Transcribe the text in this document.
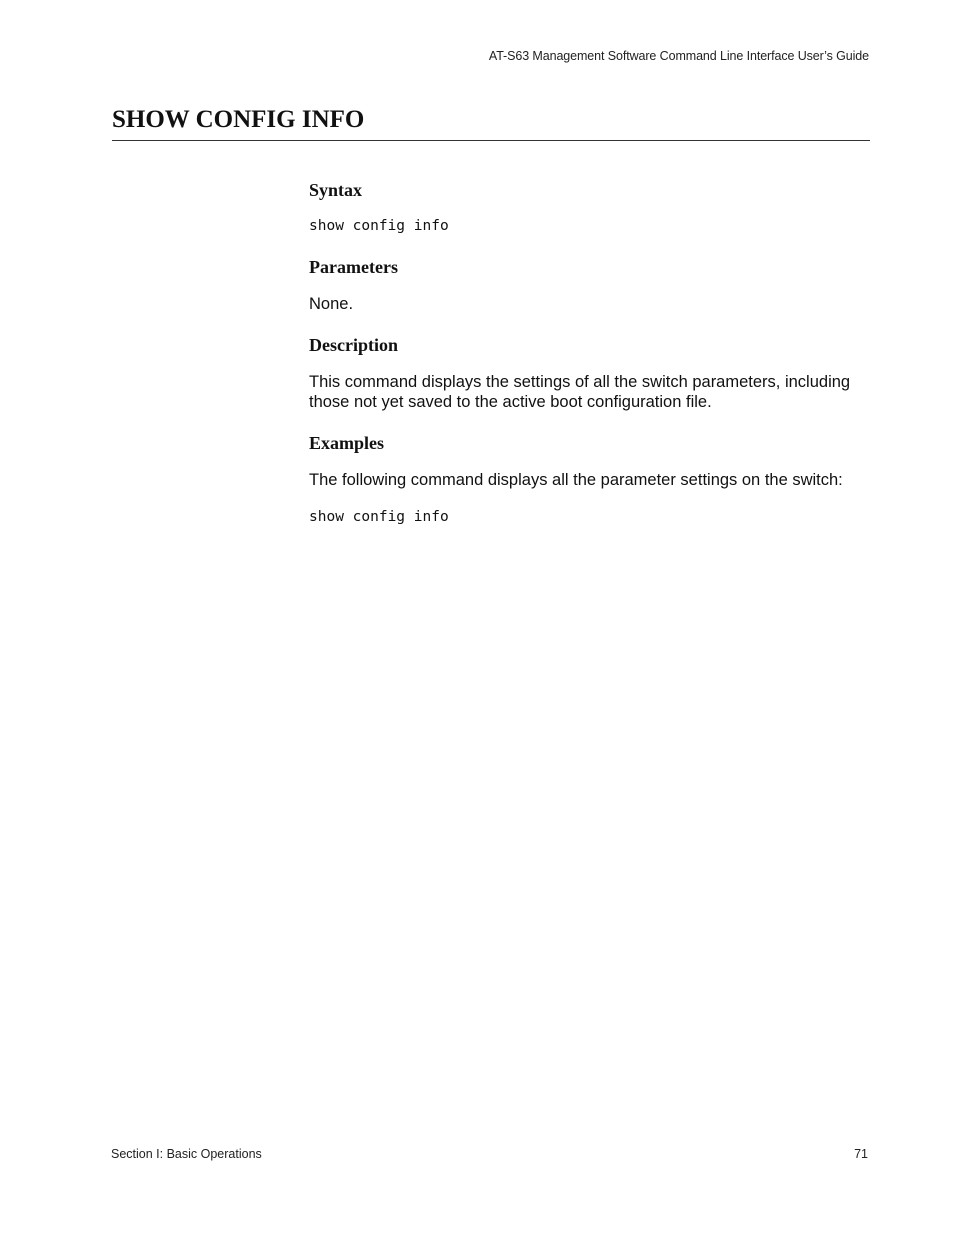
AT-S63 Management Software Command Line Interface User’s Guide
SHOW CONFIG INFO
Syntax

show config info

Parameters

None.

Description

This command displays the settings of all the switch parameters, including
those not yet saved to the active boot configuration file.

Examples

The following command displays all the parameter settings on the switch:

show config info

Section I: Basic Operations	71
